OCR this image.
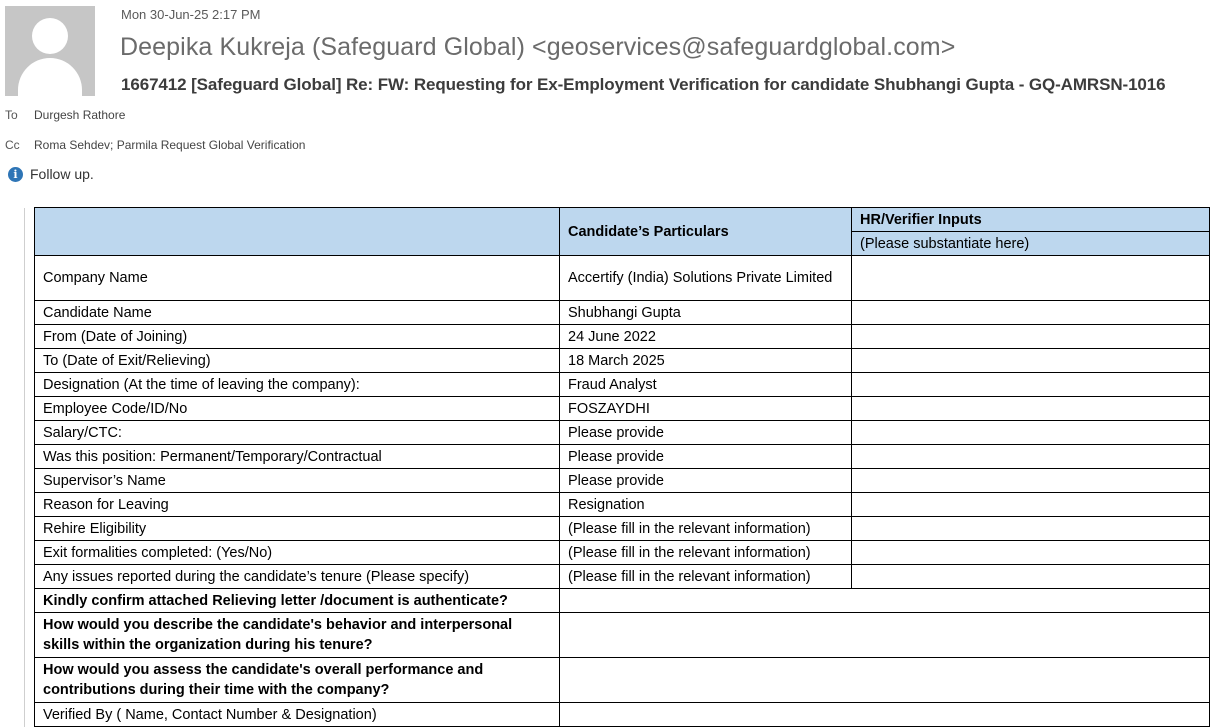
Mon 30-Jun-25 2:17 PM
Deepika Kukreja (Safeguard Global) <geoservices@safeguardglobal.com>
1667412 [Safeguard Global] Re: FW: Requesting for Ex-Employment Verification for candidate Shubhangi Gupta - GQ-AMRSN-1016
To Durgesh Rathore
Cc Roma Sehdev; Parmila Request Global Verification
i Follow up.
	Candidate’s Particulars	HR/Verifier Inputs
		(Please substantiate here)
Company Name	Accertify (India) Solutions Private Limited	
Candidate Name	Shubhangi Gupta	
From (Date of Joining)	24 June 2022	
To (Date of Exit/Relieving)	18 March 2025	
Designation (At the time of leaving the company):	Fraud Analyst	
Employee Code/ID/No	FOSZAYDHI	
Salary/CTC:	Please provide	
Was this position: Permanent/Temporary/Contractual	Please provide	
Supervisor’s Name	Please provide	
Reason for Leaving	Resignation	
Rehire Eligibility	(Please fill in the relevant information)	
Exit formalities completed: (Yes/No)	(Please fill in the relevant information)	
Any issues reported during the candidate’s tenure (Please specify)	(Please fill in the relevant information)	
Kindly confirm attached Relieving letter /document is authenticate?		
How would you describe the candidate's behavior and interpersonal skills within the organization during his tenure?		
How would you assess the candidate's overall performance and contributions during their time with the company?		
Verified By ( Name, Contact Number & Designation)		
